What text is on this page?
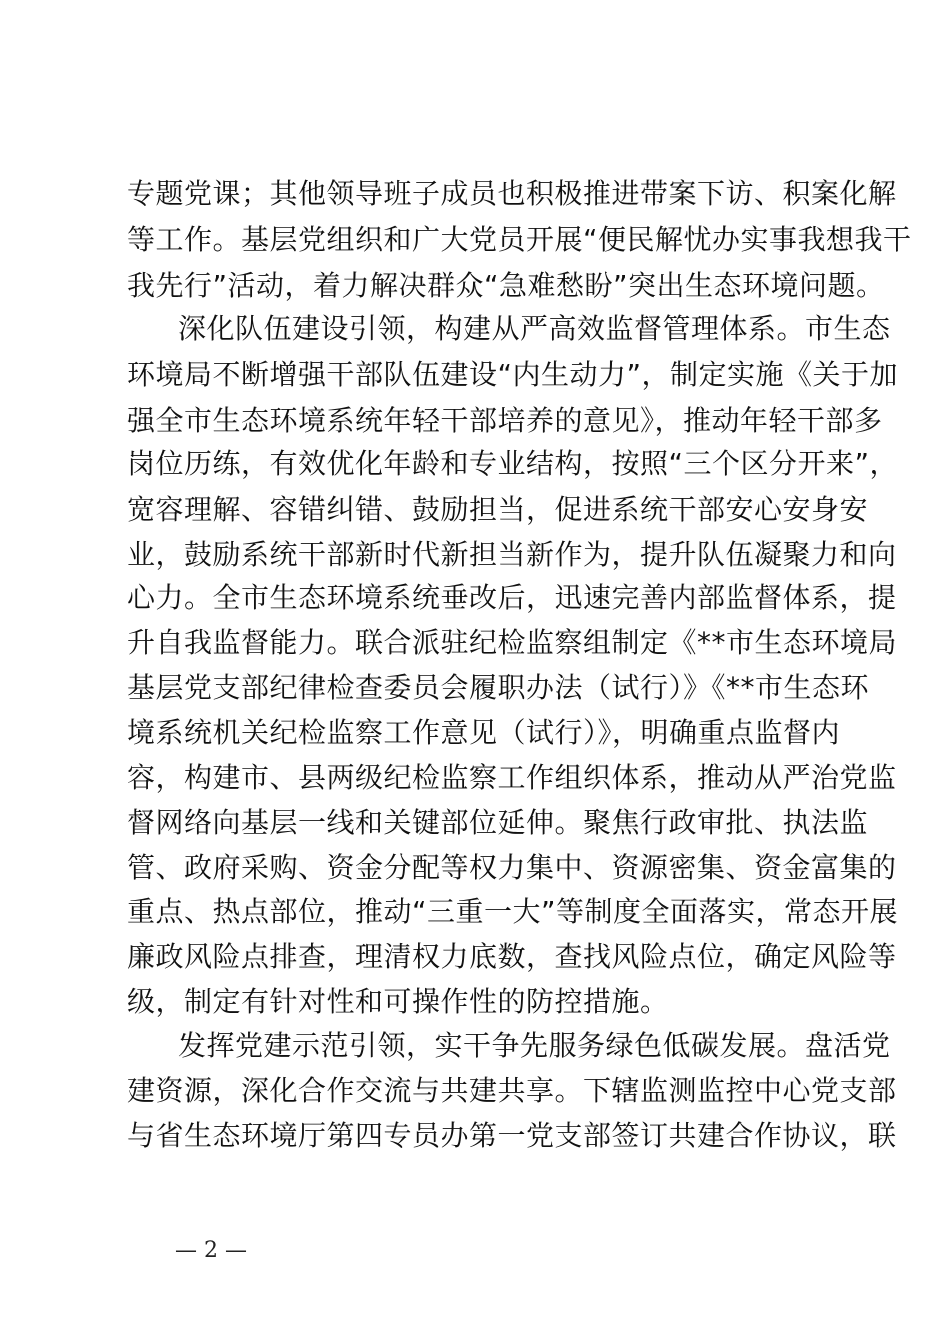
专题党课；其他领导班子成员也积极推进带案下访、积案化解
等工作。基层党组织和广大党员开展“便民解忧办实事我想我干
我先行”活动，着力解决群众“急难愁盼”突出生态环境问题。
深化队伍建设引领，构建从严高效监督管理体系。市生态
环境局不断增强干部队伍建设“内生动力”，制定实施《关于加
强全市生态环境系统年轻干部培养的意见》，推动年轻干部多
岗位历练，有效优化年龄和专业结构，按照“三个区分开来”，
宽容理解、容错纠错、鼓励担当，促进系统干部安心安身安
业，鼓励系统干部新时代新担当新作为，提升队伍凝聚力和向
心力。全市生态环境系统垂改后，迅速完善内部监督体系，提
升自我监督能力。联合派驻纪检监察组制定《**市生态环境局
基层党支部纪律检查委员会履职办法（试行）》《**市生态环
境系统机关纪检监察工作意见（试行）》，明确重点监督内
容，构建市、县两级纪检监察工作组织体系，推动从严治党监
督网络向基层一线和关键部位延伸。聚焦行政审批、执法监
管、政府采购、资金分配等权力集中、资源密集、资金富集的
重点、热点部位，推动“三重一大”等制度全面落实，常态开展
廉政风险点排查，理清权力底数，查找风险点位，确定风险等
级，制定有针对性和可操作性的防控措施。
发挥党建示范引领，实干争先服务绿色低碳发展。盘活党
建资源，深化合作交流与共建共享。下辖监测监控中心党支部
与省生态环境厅第四专员办第一党支部签订共建合作协议，联
— 2 —
